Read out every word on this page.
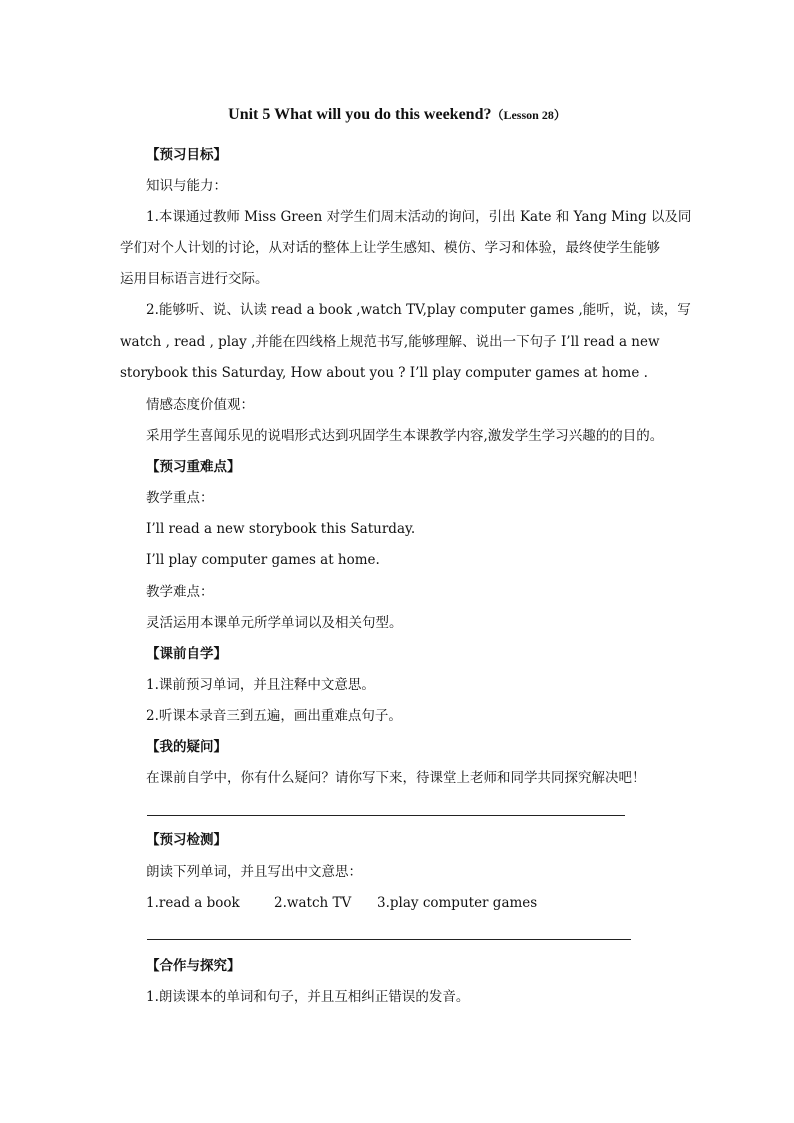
Unit 5 What will you do this weekend?（Lesson 28）
【预习目标】
知识与能力：
1.本课通过教师 Miss Green 对学生们周末活动的询问，引出 Kate 和 Yang Ming 以及同
学们对个人计划的讨论，从对话的整体上让学生感知、模仿、学习和体验，最终使学生能够
运用目标语言进行交际。
2.能够听、说、认读 read a book ,watch TV,play computer games ,能听，说，读，写
watch , read , play ,并能在四线格上规范书写,能够理解、说出一下句子 I’ll read a new
storybook this Saturday, How about you ? I’ll play computer games at home .
情感态度价值观：
采用学生喜闻乐见的说唱形式达到巩固学生本课教学内容,激发学生学习兴趣的的目的。
【预习重难点】
教学重点：
I’ll read a new storybook this Saturday.
I’ll play computer games at home.
教学难点：
灵活运用本课单元所学单词以及相关句型。
【课前自学】
1.课前预习单词，并且注释中文意思。
2.听课本录音三到五遍，画出重难点句子。
【我的疑问】
在课前自学中，你有什么疑问？请你写下来，待课堂上老师和同学共同探究解决吧！
【预习检测】
朗读下列单词，并且写出中文意思：
1.read a book        2.watch TV      3.play computer games
【合作与探究】
1.朗读课本的单词和句子，并且互相纠正错误的发音。
